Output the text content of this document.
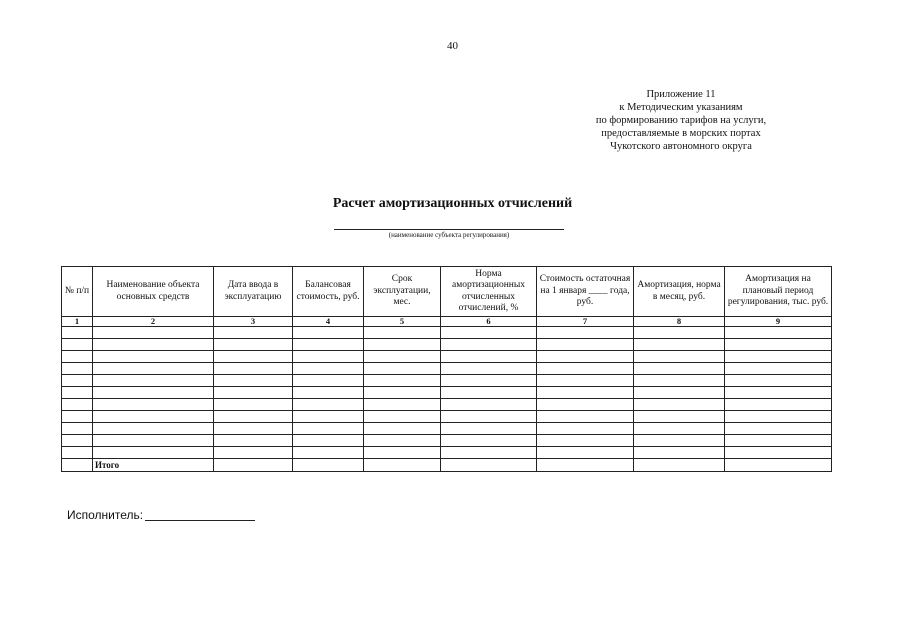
40
Приложение 11
к Методическим указаниям
по формированию тарифов на услуги,
предоставляемые в морских портах
Чукотского автономного округа
Расчет амортизационных отчислений
(наименование субъекта регулирования)
№ п/п	Наименование объекта основных средств	Дата ввода в эксплуатацию	Балансовая стоимость, руб.	Срок эксплуатации, мес.	Норма амортизационных отчисленных отчислений, %	Стоимость остаточная на 1 января ____ года, руб.	Амортизация, норма в месяц, руб.	Амортизация на плановый период регулирования, тыс. руб.
1	2	3	4	5	6	7	8	9

	Итого							
Исполнитель:
